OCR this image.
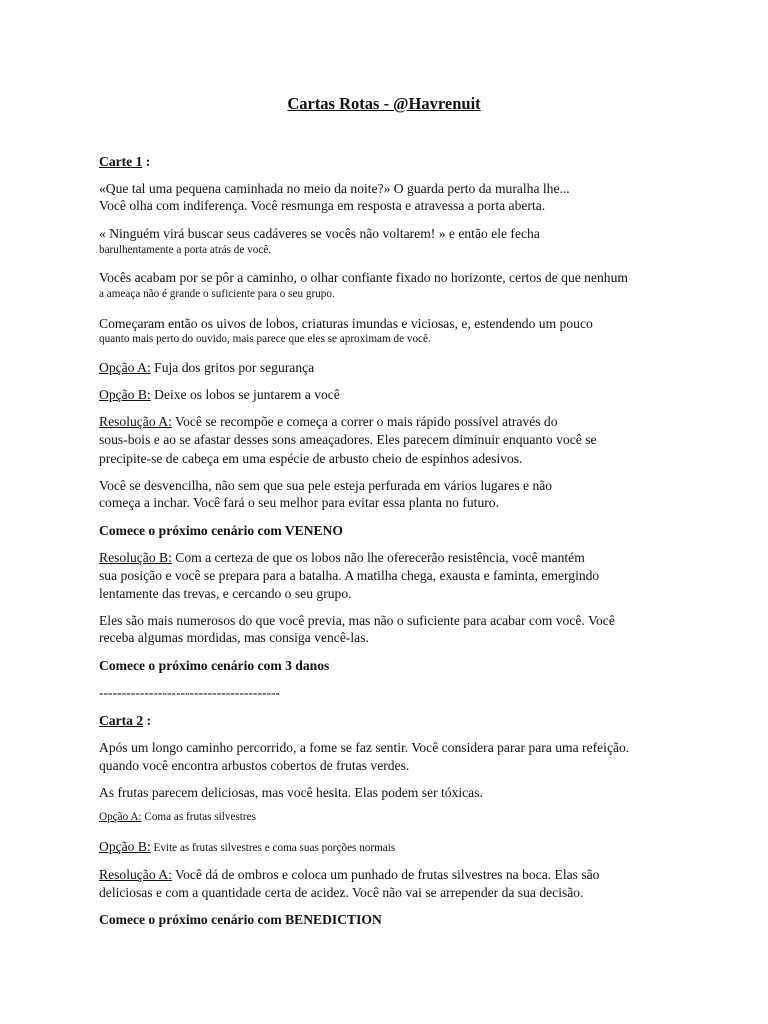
Cartas Rotas - @Havrenuit
Carte 1 :
«Que tal uma pequena caminhada no meio da noite?» O guarda perto da muralha lhe...
Você olha com indiferença. Você resmunga em resposta e atravessa a porta aberta.
« Ninguém virá buscar seus cadáveres se vocês não voltarem! » e então ele fecha
barulhentamente a porta atrás de você.
Vocês acabam por se pôr a caminho, o olhar confiante fixado no horizonte, certos de que nenhum
a ameaça não é grande o suficiente para o seu grupo.
Começaram então os uivos de lobos, criaturas imundas e viciosas, e, estendendo um pouco
quanto mais perto do ouvido, mais parece que eles se aproximam de você.
Opção A: Fuja dos gritos por segurança
Opção B: Deixe os lobos se juntarem a você
Resolução A: Você se recompõe e começa a correr o mais rápido possível através do
sous-bois e ao se afastar desses sons ameaçadores. Eles parecem diminuir enquanto você se
precipite-se de cabeça em uma espécie de arbusto cheio de espinhos adesivos.
Você se desvencilha, não sem que sua pele esteja perfurada em vários lugares e não
começa a inchar. Você fará o seu melhor para evitar essa planta no futuro.
Comece o próximo cenário com VENENO
Resolução B: Com a certeza de que os lobos não lhe oferecerão resistência, você mantém
sua posição e você se prepara para a batalha. A matilha chega, exausta e faminta, emergindo
lentamente das trevas, e cercando o seu grupo.
Eles são mais numerosos do que você previa, mas não o suficiente para acabar com você. Você
receba algumas mordidas, mas consiga vencê-las.
Comece o próximo cenário com 3 danos
----------------------------------------
Carta 2 :
Após um longo caminho percorrido, a fome se faz sentir. Você considera parar para uma refeição.
quando você encontra arbustos cobertos de frutas verdes.
As frutas parecem deliciosas, mas você hesita. Elas podem ser tóxicas.
Opção A: Coma as frutas silvestres
Opção B: Evite as frutas silvestres e coma suas porções normais
Resolução A: Você dá de ombros e coloca um punhado de frutas silvestres na boca. Elas são
deliciosas e com a quantidade certa de acidez. Você não vai se arrepender da sua decisão.
Comece o próximo cenário com BENEDICTION
